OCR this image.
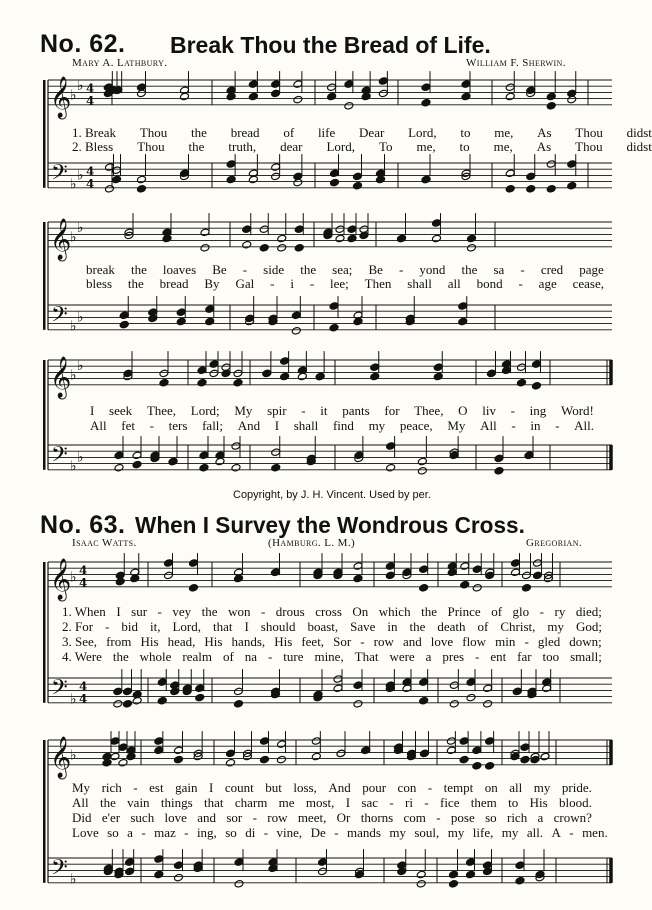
No. 62. Break Thou the Bread of Life.
Mary A. Lathbury.	William F. Sherwin.
𝄞
♭
♭ 4
4
𝄢 ♭
♭ 4
4
𝄞
♭
♭
𝄢 ♭
♭
𝄞
♭
♭
𝄢 ♭
♭
𝄞
♭ 4
4
𝄢 ♭
4
4
𝄞
♭
𝄢 ♭
1. Break Thou the bread of life Dear Lord, to me, As Thou didst
2. Bless Thou the truth, dear Lord, To me, to me, As Thou didst
break the loaves Be - side the sea; Be - yond the sa - cred page
bless the bread By Gal - i - lee; Then shall all bond - age cease,
I seek Thee, Lord; My spir - it pants for Thee, O liv - ing Word!
All fet - ters fall; And I shall find my peace, My All - in - All.
Copyright, by J. H. Vincent. Used by per.
No. 63. When I Survey the Wondrous Cross.
Isaac Watts.	(Hamburg. L. M.)	Gregorian.
1. When I sur - vey the won - drous cross On which the Prince of glo - ry died;
2. For - bid it, Lord, that I should boast, Save in the death of Christ, my God;
3. See, from His head, His hands, His feet, Sor - row and love flow min - gled down;
4. Were the whole realm of na - ture mine, That were a pres - ent far too small;
My rich - est gain I count but loss, And pour con - tempt on all my pride.
All the vain things that charm me most, I sac - ri - fice them to His blood.
Did e'er such love and sor - row meet, Or thorns com - pose so rich a crown?
Love so a - maz - ing, so di - vine, De - mands my soul, my life, my all. A - men.
